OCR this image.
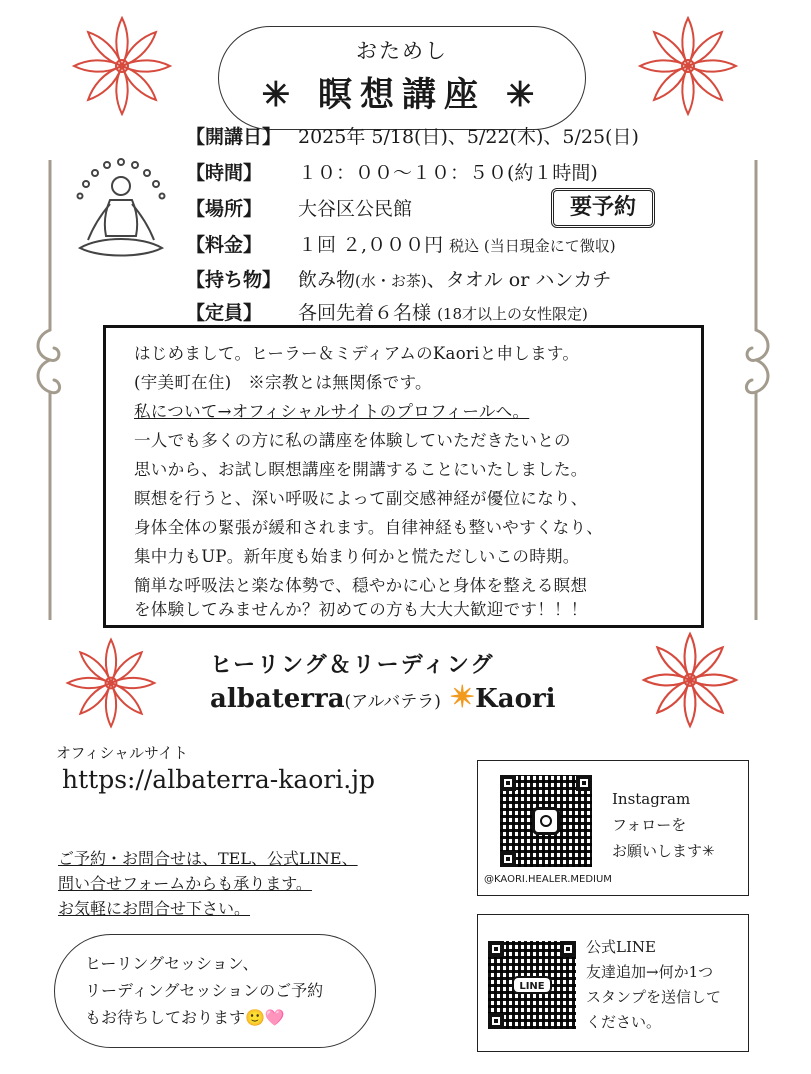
おためし
✳︎ 瞑想講座 ✳︎
【開講日】 2025年 5/18(日)、5/22(木)、5/25(日)
【時間】 １０：００〜１０：５０(約１時間)
【場所】 大谷区公民館	要予約
【料金】 １回 ２,０００円 税込 (当日現金にて徴収)
【持ち物】 飲み物(水・お茶)、タオル or ハンカチ
【定員】 各回先着６名様 (18才以上の女性限定)
はじめまして。ヒーラー＆ミディアムのKaoriと申します。
(宇美町在住)　※宗教とは無関係です。
私について→オフィシャルサイトのプロフィールへ。
一人でも多くの方に私の講座を体験していただきたいとの
思いから、お試し瞑想講座を開講することにいたしました。
瞑想を行うと、深い呼吸によって副交感神経が優位になり、
身体全体の緊張が緩和されます。自律神経も整いやすくなり、
集中力もUP。新年度も始まり何かと慌ただしいこの時期。
簡単な呼吸法と楽な体勢で、穏やかに心と身体を整える瞑想
を体験してみませんか？初めての方も大大大歓迎です！！！
ヒーリング＆リーディング
albaterra(アルバテラ) ✴Kaori
オフィシャルサイト
https://albaterra-kaori.jp
ご予約・お問合せは、TEL、公式LINE、
問い合せフォームからも承ります。
お気軽にお問合せ下さい。
ヒーリングセッション、
リーディングセッションのご予約
もお待ちしております🙂🩷
@KAORI.HEALER.MEDIUM
Instagram
フォローを
お願いします✳︎
LINE
公式LINE
友達追加→何か1つ
スタンプを送信して
ください。
